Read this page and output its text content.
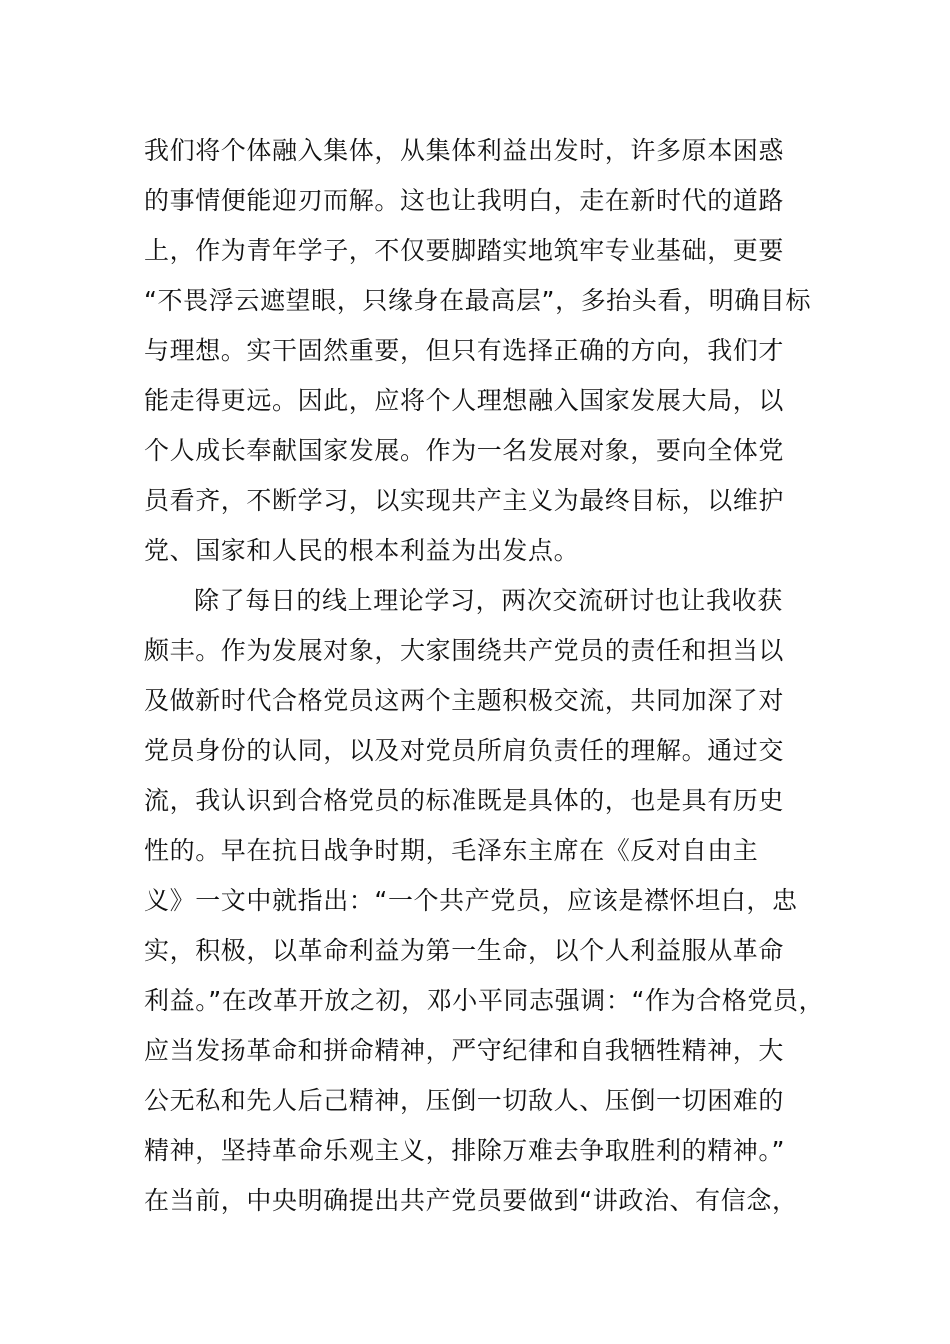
我们将个体融入集体，从集体利益出发时，许多原本困惑
的事情便能迎刃而解。这也让我明白，走在新时代的道路
上，作为青年学子，不仅要脚踏实地筑牢专业基础，更要
“不畏浮云遮望眼，只缘身在最高层”，多抬头看，明确目标
与理想。实干固然重要，但只有选择正确的方向，我们才
能走得更远。因此，应将个人理想融入国家发展大局，以
个人成长奉献国家发展。作为一名发展对象，要向全体党
员看齐，不断学习，以实现共产主义为最终目标，以维护
党、国家和人民的根本利益为出发点。
除了每日的线上理论学习，两次交流研讨也让我收获
颇丰。作为发展对象，大家围绕共产党员的责任和担当以
及做新时代合格党员这两个主题积极交流，共同加深了对
党员身份的认同，以及对党员所肩负责任的理解。通过交
流，我认识到合格党员的标准既是具体的，也是具有历史
性的。早在抗日战争时期，毛泽东主席在《反对自由主
义》一文中就指出：“一个共产党员，应该是襟怀坦白，忠
实，积极，以革命利益为第一生命，以个人利益服从革命
利益。”在改革开放之初，邓小平同志强调：“作为合格党员，
应当发扬革命和拼命精神，严守纪律和自我牺牲精神，大
公无私和先人后己精神，压倒一切敌人、压倒一切困难的
精神，坚持革命乐观主义，排除万难去争取胜利的精神。”
在当前，中央明确提出共产党员要做到“讲政治、有信念，
